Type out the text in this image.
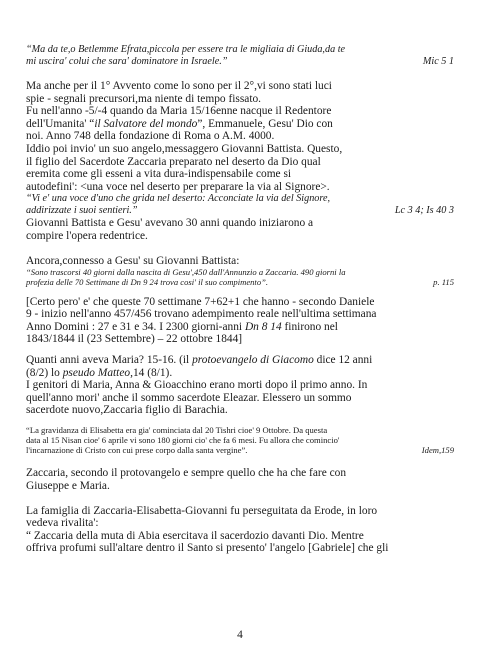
“Ma da te,o Betlemme Efrata,piccola per essere tra le migliaia di Giuda,da te
mi uscira' colui che sara' dominatore in Israele.”	Mic 5 1
Ma anche per il 1° Avvento come lo sono per il 2°,vi sono stati luci
spie - segnali precursori,ma niente di tempo fissato.
Fu nell'anno -5/-4 quando da Maria 15/16enne nacque il Redentore
dell'Umanita' “il Salvatore del mondo”, Emmanuele, Gesu' Dio con
noi. Anno 748 della fondazione di Roma o A.M. 4000.
Iddio poi invio' un suo angelo,messaggero Giovanni Battista. Questo,
il figlio del Sacerdote Zaccaria preparato nel deserto da Dio qual
eremita come gli esseni a vita dura-indispensabile come si
autodefini': <una voce nel deserto per preparare la via al Signore>.
“Vi e' una voce d'uno che grida nel deserto: Acconciate la via del Signore,
addirizzate i suoi sentieri.”	Lc 3 4; Is 40 3
Giovanni Battista e Gesu' avevano 30 anni quando iniziarono a
compire l'opera redentrice.
Ancora,connesso a Gesu' su Giovanni Battista:
“Sono trascorsi 40 giorni dalla nascita di Gesu',450 dall'Annunzio a Zaccaria. 490 giorni la
profezia delle 70 Settimane di Dn 9 24 trova cosi' il suo compimento”.	p. 115
[Certo pero' e' che queste 70 settimane 7+62+1 che hanno - secondo Daniele
9 - inizio nell'anno 457/456 trovano adempimento reale nell'ultima settimana
Anno Domini : 27 e 31 e 34. I 2300 giorni-anni Dn 8 14 finirono nel
1843/1844 il (23 Settembre) – 22 ottobre 1844]
Quanti anni aveva Maria? 15-16. (il protoevangelo di Giacomo dice 12 anni
(8/2) lo pseudo Matteo,14 (8/1).
I genitori di Maria, Anna & Gioacchino erano morti dopo il primo anno. In
quell'anno mori' anche il sommo sacerdote Eleazar. Elessero un sommo
sacerdote nuovo,Zaccaria figlio di Barachia.
“La gravidanza di Elisabetta era gia' cominciata dal 20 Tishri cioe' 9 Ottobre. Da questa
data al 15 Nisan cioe' 6 aprile vi sono 180 giorni cio' che fa 6 mesi. Fu allora che comincio'
l'incarnazione di Cristo con cui prese corpo dalla santa vergine”.	Idem,159
Zaccaria, secondo il protovangelo e sempre quello che ha che fare con
Giuseppe e Maria.
La famiglia di Zaccaria-Elisabetta-Giovanni fu perseguitata da Erode, in loro
vedeva rivalita':
“ Zaccaria della muta di Abia esercitava il sacerdozio davanti Dio. Mentre
offriva profumi sull'altare dentro il Santo si presento' l'angelo [Gabriele] che gli
4
